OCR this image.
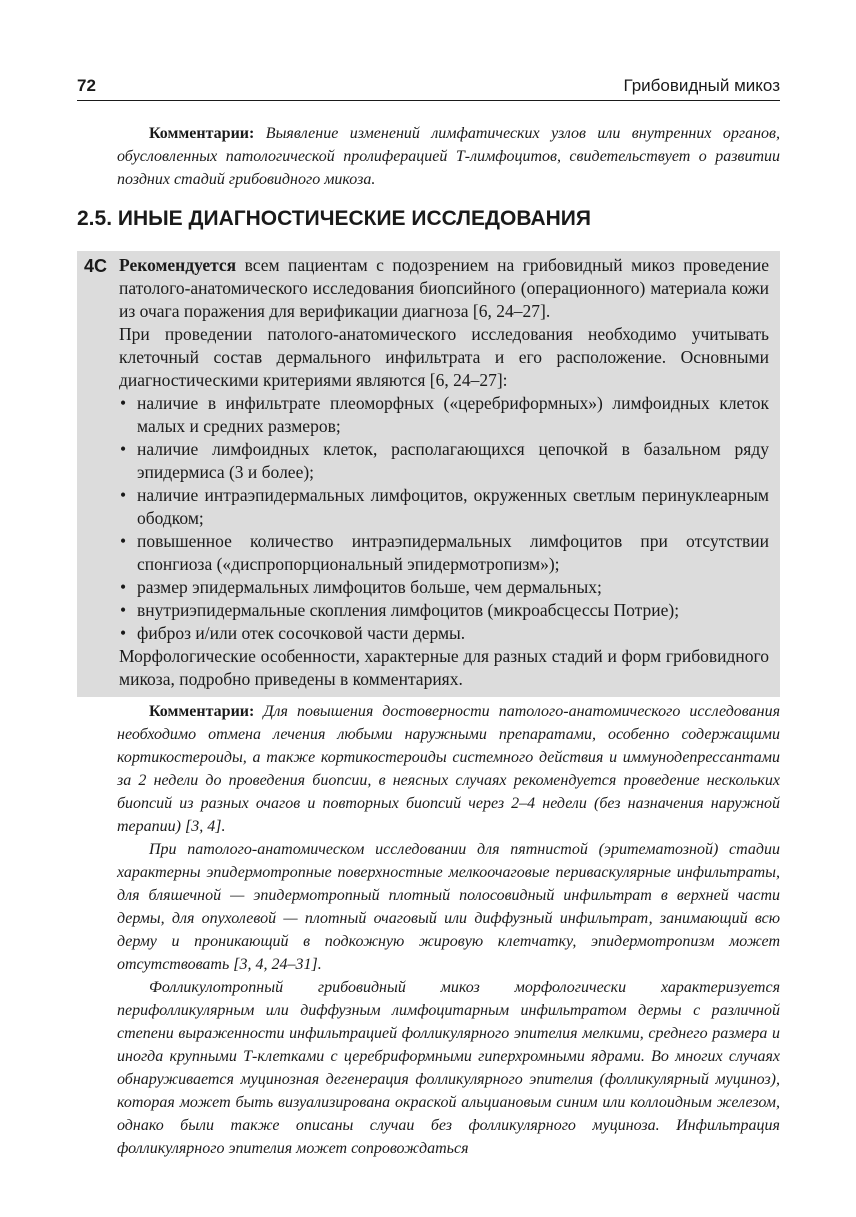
72	Грибовидный микоз

Комментарии: Выявление изменений лимфатических узлов или внутренних органов, обусловленных патологической пролиферацией Т-лимфоцитов, свидетельствует о развитии поздних стадий грибовидного микоза.

2.5. ИНЫЕ ДИАГНОСТИЧЕСКИЕ ИССЛЕДОВАНИЯ
4С Рекомендуется всем пациентам с подозрением на грибовидный микоз проведение патолого-анатомического исследования биопсийного (операционного) материала кожи из очага поражения для верификации диагноза [6, 24–27].

При проведении патолого-анатомического исследования необходимо учитывать клеточный состав дермального инфильтрата и его расположение. Основными диагностическими критериями являются [6, 24–27]:

• наличие в инфильтрате плеоморфных («церебриформных») лимфоидных клеток малых и средних размеров;
• наличие лимфоидных клеток, располагающихся цепочкой в базальном ряду эпидермиса (3 и более);
• наличие интраэпидермальных лимфоцитов, окруженных светлым перинуклеарным ободком;
• повышенное количество интраэпидермальных лимфоцитов при отсутствии спонгиоза («диспропорциональный эпидермотропизм»);
• размер эпидермальных лимфоцитов больше, чем дермальных;
• внутриэпидермальные скопления лимфоцитов (микроабсцессы Потрие);
• фиброз и/или отек сосочковой части дермы.

Морфологические особенности, характерные для разных стадий и форм грибовидного микоза, подробно приведены в комментариях.

Комментарии: Для повышения достоверности патолого-анатомического исследования необходимо отмена лечения любыми наружными препаратами, особенно содержащими кортикостероиды, а также кортикостероиды системного действия и иммунодепрессантами за 2 недели до проведения биопсии, в неясных случаях рекомендуется проведение нескольких биопсий из разных очагов и повторных биопсий через 2–4 недели (без назначения наружной терапии) [3, 4].

При патолого-анатомическом исследовании для пятнистой (эритематозной) стадии характерны эпидермотропные поверхностные мелкоочаговые периваскулярные инфильтраты, для бляшечной — эпидермотропный плотный полосовидный инфильтрат в верхней части дермы, для опухолевой — плотный очаговый или диффузный инфильтрат, занимающий всю дерму и проникающий в подкожную жировую клетчатку, эпидермотропизм может отсутствовать [3, 4, 24–31].

Фолликулотропный грибовидный микоз морфологически характеризуется перифолликулярным или диффузным лимфоцитарным инфильтратом дермы с различной степени выраженности инфильтрацией фолликулярного эпителия мелкими, среднего размера и иногда крупными Т-клетками с церебриформными гиперхромными ядрами. Во многих случаях обнаруживается муцинозная дегенерация фолликулярного эпителия (фолликулярный муциноз), которая может быть визуализирована окраской альциановым синим или коллоидным железом, однако были также описаны случаи без фолликулярного муциноза. Инфильтрация фолликулярного эпителия может сопровождаться
